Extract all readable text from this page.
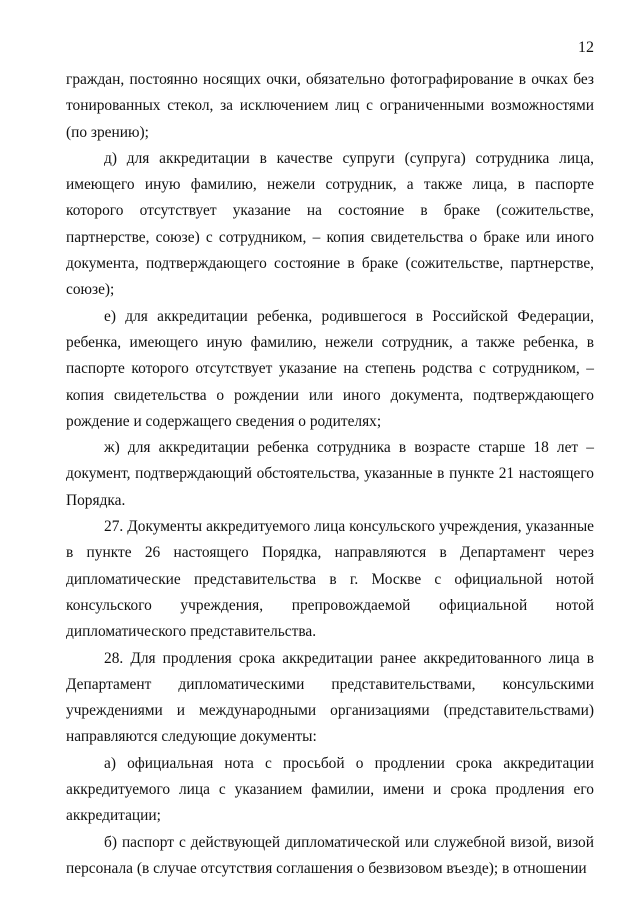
12

граждан, постоянно носящих очки, обязательно фотографирование в очках без тонированных стекол, за исключением лиц с ограниченными возможностями (по зрению);

д) для аккредитации в качестве супруги (супруга) сотрудника лица, имеющего иную фамилию, нежели сотрудник, а также лица, в паспорте которого отсутствует указание на состояние в браке (сожительстве, партнерстве, союзе) с сотрудником, – копия свидетельства о браке или иного документа, подтверждающего состояние в браке (сожительстве, партнерстве, союзе);

е) для аккредитации ребенка, родившегося в Российской Федерации, ребенка, имеющего иную фамилию, нежели сотрудник, а также ребенка, в паспорте которого отсутствует указание на степень родства с сотрудником, – копия свидетельства о рождении или иного документа, подтверждающего рождение и содержащего сведения о родителях;

ж) для аккредитации ребенка сотрудника в возрасте старше 18 лет – документ, подтверждающий обстоятельства, указанные в пункте 21 настоящего Порядка.

27. Документы аккредитуемого лица консульского учреждения, указанные в пункте 26 настоящего Порядка, направляются в Департамент через дипломатические представительства в г. Москве с официальной нотой консульского учреждения, препровождаемой официальной нотой дипломатического представительства.

28. Для продления срока аккредитации ранее аккредитованного лица в Департамент дипломатическими представительствами, консульскими учреждениями и международными организациями (представительствами) направляются следующие документы:

а) официальная нота с просьбой о продлении срока аккредитации аккредитуемого лица с указанием фамилии, имени и срока продления его аккредитации;

б) паспорт с действующей дипломатической или служебной визой, визой персонала (в случае отсутствия соглашения о безвизовом въезде); в отношении
